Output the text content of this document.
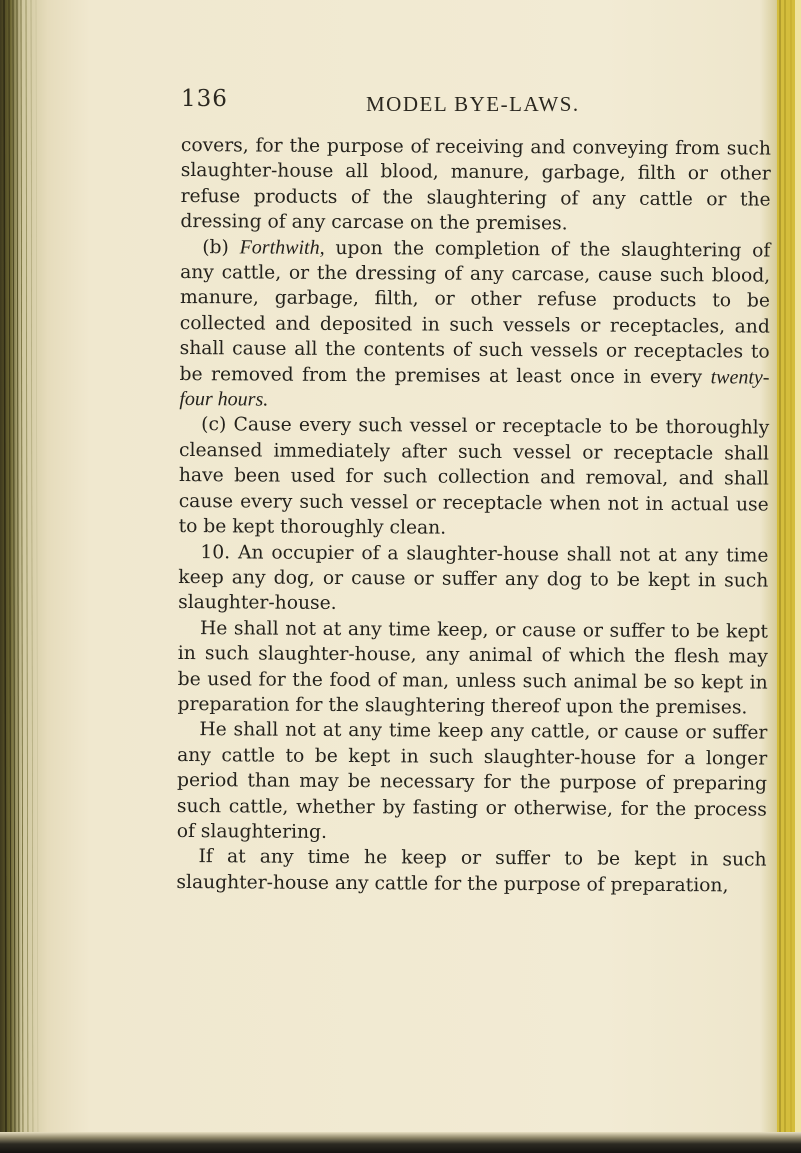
136	MODEL BYE-LAWS.

covers, for the purpose of receiving and conveying from such slaughter-house all blood, manure, garbage, filth or other refuse products of the slaughtering of any cattle or the dressing of any carcase on the premises.

(b) Forthwith, upon the completion of the slaughtering of any cattle, or the dressing of any carcase, cause such blood, manure, garbage, filth, or other refuse products to be collected and deposited in such vessels or receptacles, and shall cause all the contents of such vessels or receptacles to be removed from the premises at least once in every twenty-four hours.

(c) Cause every such vessel or receptacle to be thoroughly cleansed immediately after such vessel or receptacle shall have been used for such collection and removal, and shall cause every such vessel or receptacle when not in actual use to be kept thoroughly clean.

10. An occupier of a slaughter-house shall not at any time keep any dog, or cause or suffer any dog to be kept in such slaughter-house.

He shall not at any time keep, or cause or suffer to be kept in such slaughter-house, any animal of which the flesh may be used for the food of man, unless such animal be so kept in preparation for the slaughtering thereof upon the premises.

He shall not at any time keep any cattle, or cause or suffer any cattle to be kept in such slaughter-house for a longer period than may be necessary for the purpose of preparing such cattle, whether by fasting or otherwise, for the process of slaughtering.

If at any time he keep or suffer to be kept in such slaughter-house any cattle for the purpose of preparation,
